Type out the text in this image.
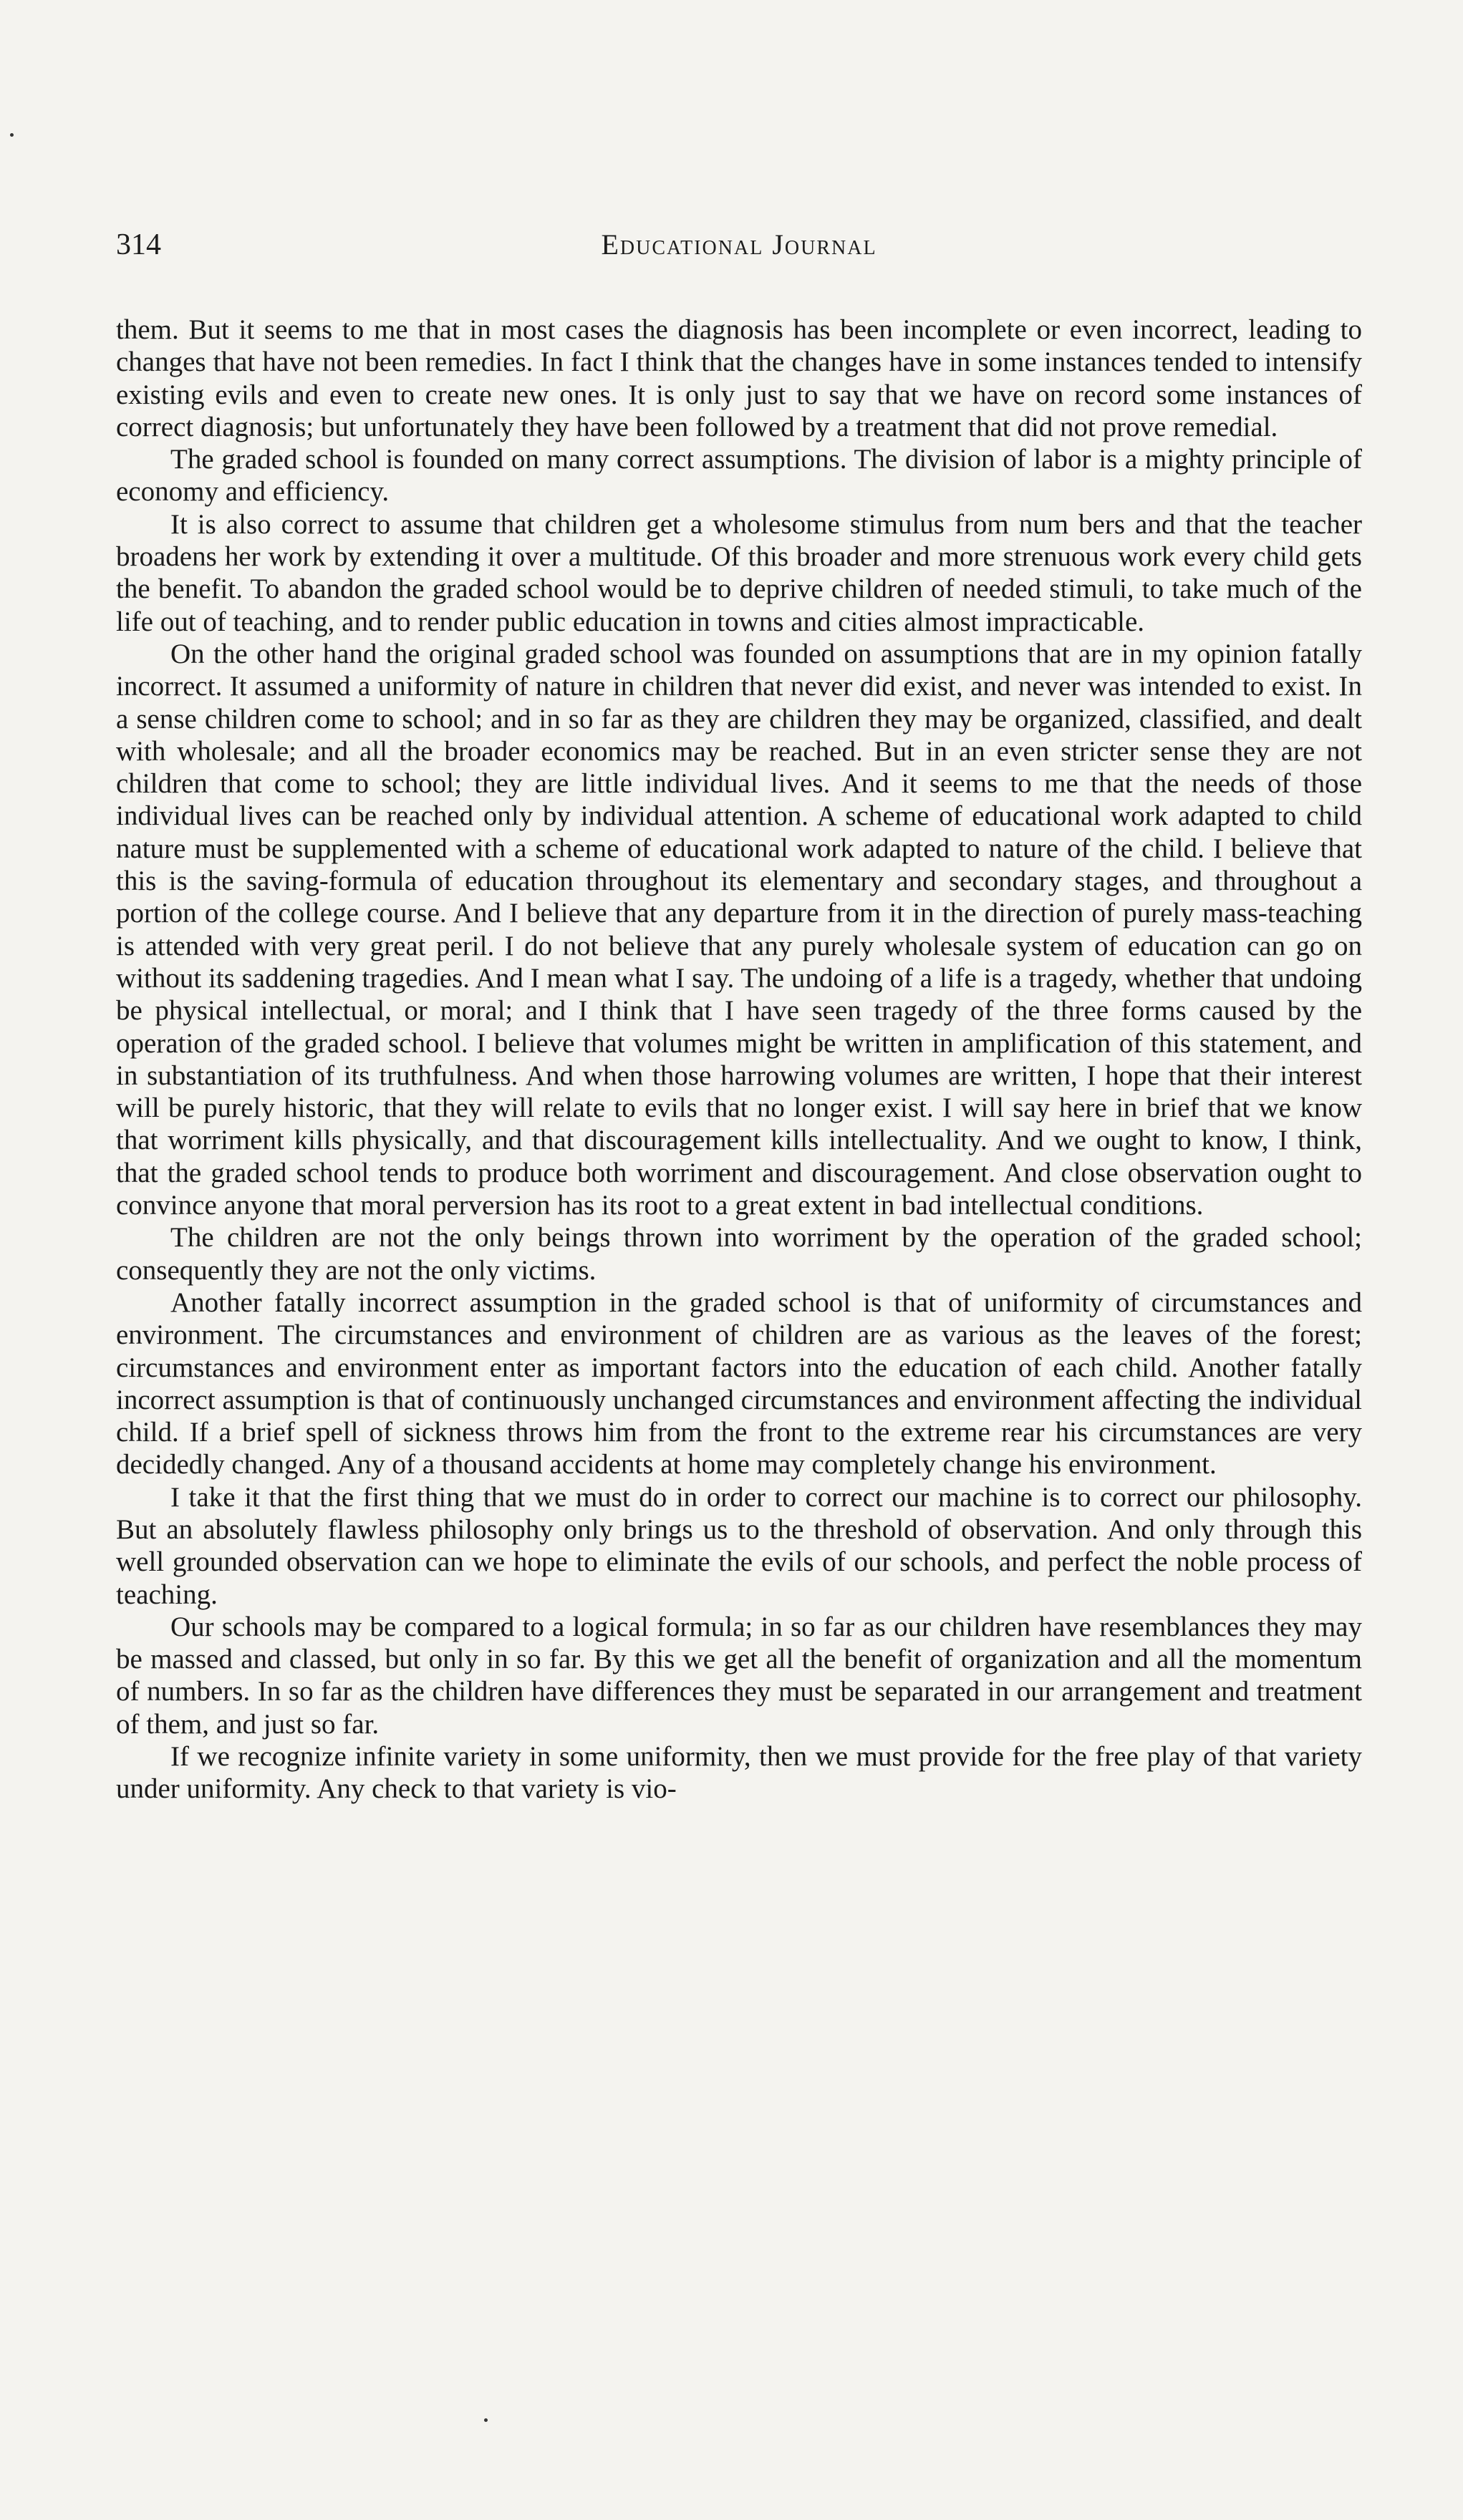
314	Educational Journal

them. But it seems to me that in most cases the diagnosis has been incomplete or even incorrect, leading to changes that have not been remedies. In fact I think that the changes have in some instances tended to intensify existing evils and even to create new ones. It is only just to say that we have on record some instances of correct diagnosis; but unfortunately they have been followed by a treatment that did not prove remedial.

The graded school is founded on many correct assumptions. The division of labor is a mighty principle of economy and efficiency.

It is also correct to assume that children get a wholesome stimulus from num bers and that the teacher broadens her work by extending it over a multitude. Of this broader and more strenuous work every child gets the benefit. To abandon the graded school would be to deprive children of needed stimuli, to take much of the life out of teaching, and to render public education in towns and cities almost impracticable.

On the other hand the original graded school was founded on assumptions that are in my opinion fatally incorrect. It assumed a uniformity of nature in children that never did exist, and never was intended to exist. In a sense children come to school; and in so far as they are children they may be organized, classified, and dealt with wholesale; and all the broader economics may be reached. But in an even stricter sense they are not children that come to school; they are little individual lives. And it seems to me that the needs of those individual lives can be reached only by individual attention. A scheme of educational work adapted to child nature must be supplemented with a scheme of educational work adapted to nature of the child. I believe that this is the saving-formula of education throughout its elementary and secondary stages, and throughout a portion of the college course. And I believe that any departure from it in the direction of purely mass-teaching is attended with very great peril. I do not believe that any purely wholesale system of education can go on without its saddening tragedies. And I mean what I say. The undoing of a life is a tragedy, whether that undoing be physical intellectual, or moral; and I think that I have seen tragedy of the three forms caused by the operation of the graded school. I believe that volumes might be written in amplification of this statement, and in substantiation of its truthfulness. And when those harrowing volumes are written, I hope that their interest will be purely historic, that they will relate to evils that no longer exist. I will say here in brief that we know that worriment kills physically, and that discouragement kills intellectuality. And we ought to know, I think, that the graded school tends to produce both worriment and discouragement. And close observation ought to convince anyone that moral perversion has its root to a great extent in bad intellectual conditions.

The children are not the only beings thrown into worriment by the operation of the graded school; consequently they are not the only victims.

Another fatally incorrect assumption in the graded school is that of uniformity of circumstances and environment. The circumstances and environment of children are as various as the leaves of the forest; circumstances and environment enter as important factors into the education of each child. Another fatally incorrect assumption is that of continuously unchanged circumstances and environment affecting the individual child. If a brief spell of sickness throws him from the front to the extreme rear his circumstances are very decidedly changed. Any of a thousand accidents at home may completely change his environment.

I take it that the first thing that we must do in order to correct our machine is to correct our philosophy. But an absolutely flawless philosophy only brings us to the threshold of observation. And only through this well grounded observation can we hope to eliminate the evils of our schools, and perfect the noble process of teaching.

Our schools may be compared to a logical formula; in so far as our children have resemblances they may be massed and classed, but only in so far. By this we get all the benefit of organization and all the momentum of numbers. In so far as the children have differences they must be separated in our arrangement and treatment of them, and just so far.

If we recognize infinite variety in some uniformity, then we must provide for the free play of that variety under uniformity. Any check to that variety is vio-
